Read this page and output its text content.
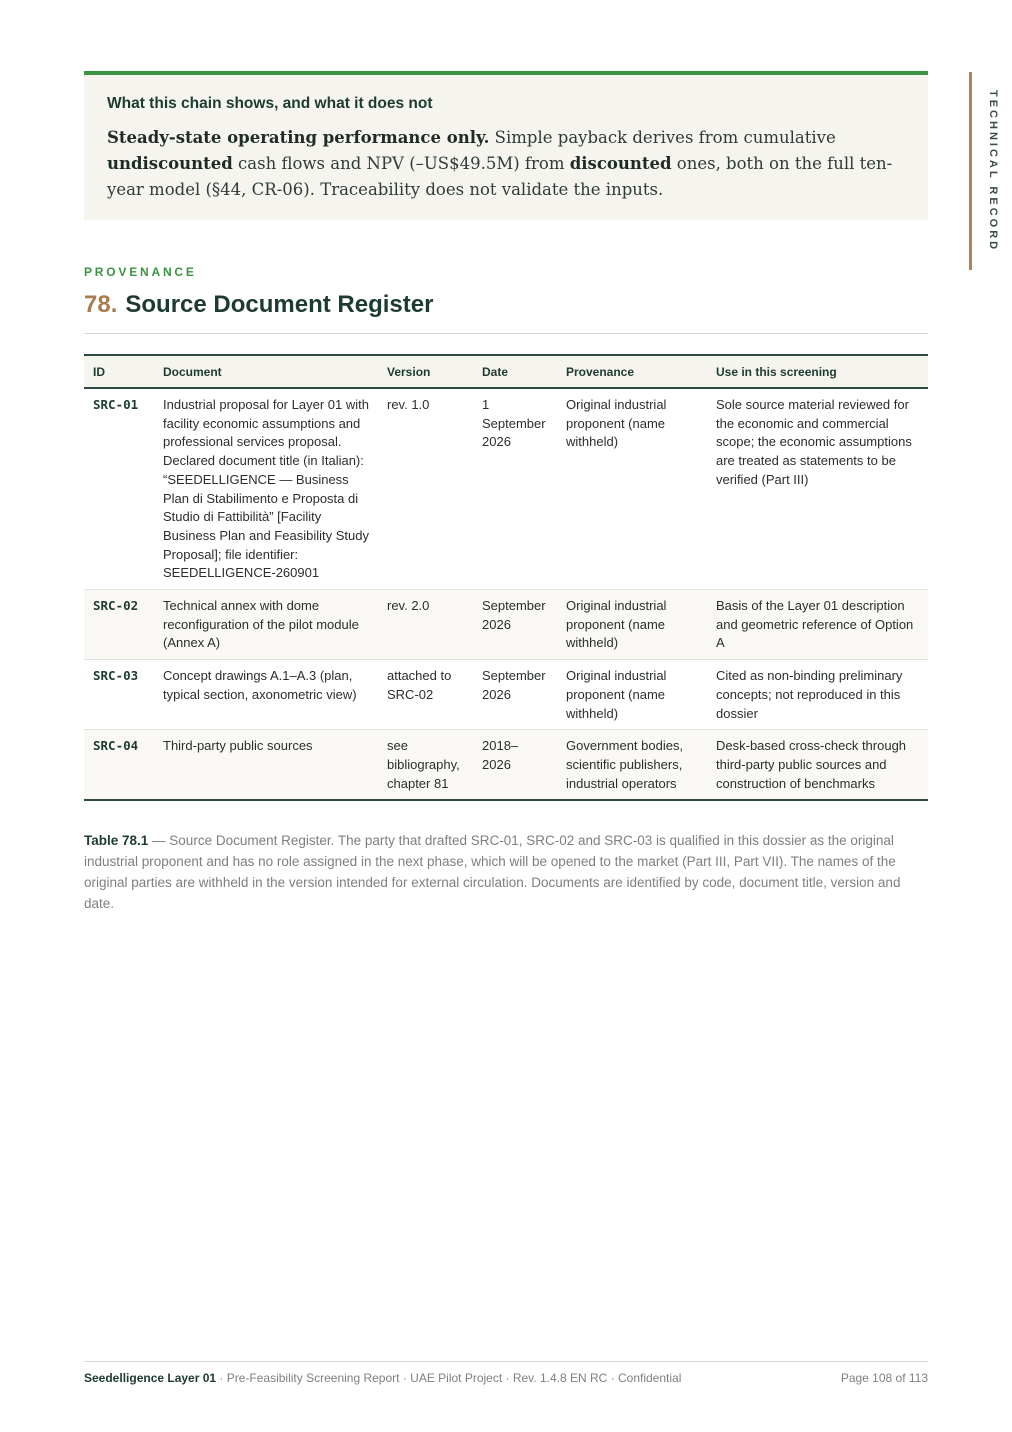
TECHNICAL RECORD
What this chain shows, and what it does not

Steady-state operating performance only. Simple payback derives from cumulative undiscounted cash flows and NPV (–US$49.5M) from discounted ones, both on the full ten-year model (§44, CR-06). Traceability does not validate the inputs.

PROVENANCE
78. Source Document Register
ID	Document	Version	Date	Provenance	Use in this screening
SRC-01	Industrial proposal for Layer 01 with facility economic assumptions and professional services proposal. Declared document title (in Italian): “SEEDELLIGENCE — Business Plan di Stabilimento e Proposta di Studio di Fattibilità” [Facility Business Plan and Feasibility Study Proposal]; file identifier: SEEDELLIGENCE-260901	rev. 1.0	1 September 2026	Original industrial proponent (name withheld)	Sole source material reviewed for the economic and commercial scope; the economic assumptions are treated as statements to be verified (Part III)
SRC-02	Technical annex with dome reconfiguration of the pilot module (Annex A)	rev. 2.0	September 2026	Original industrial proponent (name withheld)	Basis of the Layer 01 description and geometric reference of Option A
SRC-03	Concept drawings A.1–A.3 (plan, typical section, axonometric view)	attached to SRC-02	September 2026	Original industrial proponent (name withheld)	Cited as non-binding preliminary concepts; not reproduced in this dossier
SRC-04	Third-party public sources	see bibliography, chapter 81	2018– 2026	Government bodies, scientific publishers, industrial operators	Desk-based cross-check through third-party public sources and construction of benchmarks

Table 78.1 — Source Document Register. The party that drafted SRC-01, SRC-02 and SRC-03 is qualified in this dossier as the original industrial proponent and has no role assigned in the next phase, which will be opened to the market (Part III, Part VII). The names of the original parties are withheld in the version intended for external circulation. Documents are identified by code, document title, version and date.

Seedelligence Layer 01 · Pre-Feasibility Screening Report · UAE Pilot Project · Rev. 1.4.8 EN RC · Confidential	Page 108 of 113
